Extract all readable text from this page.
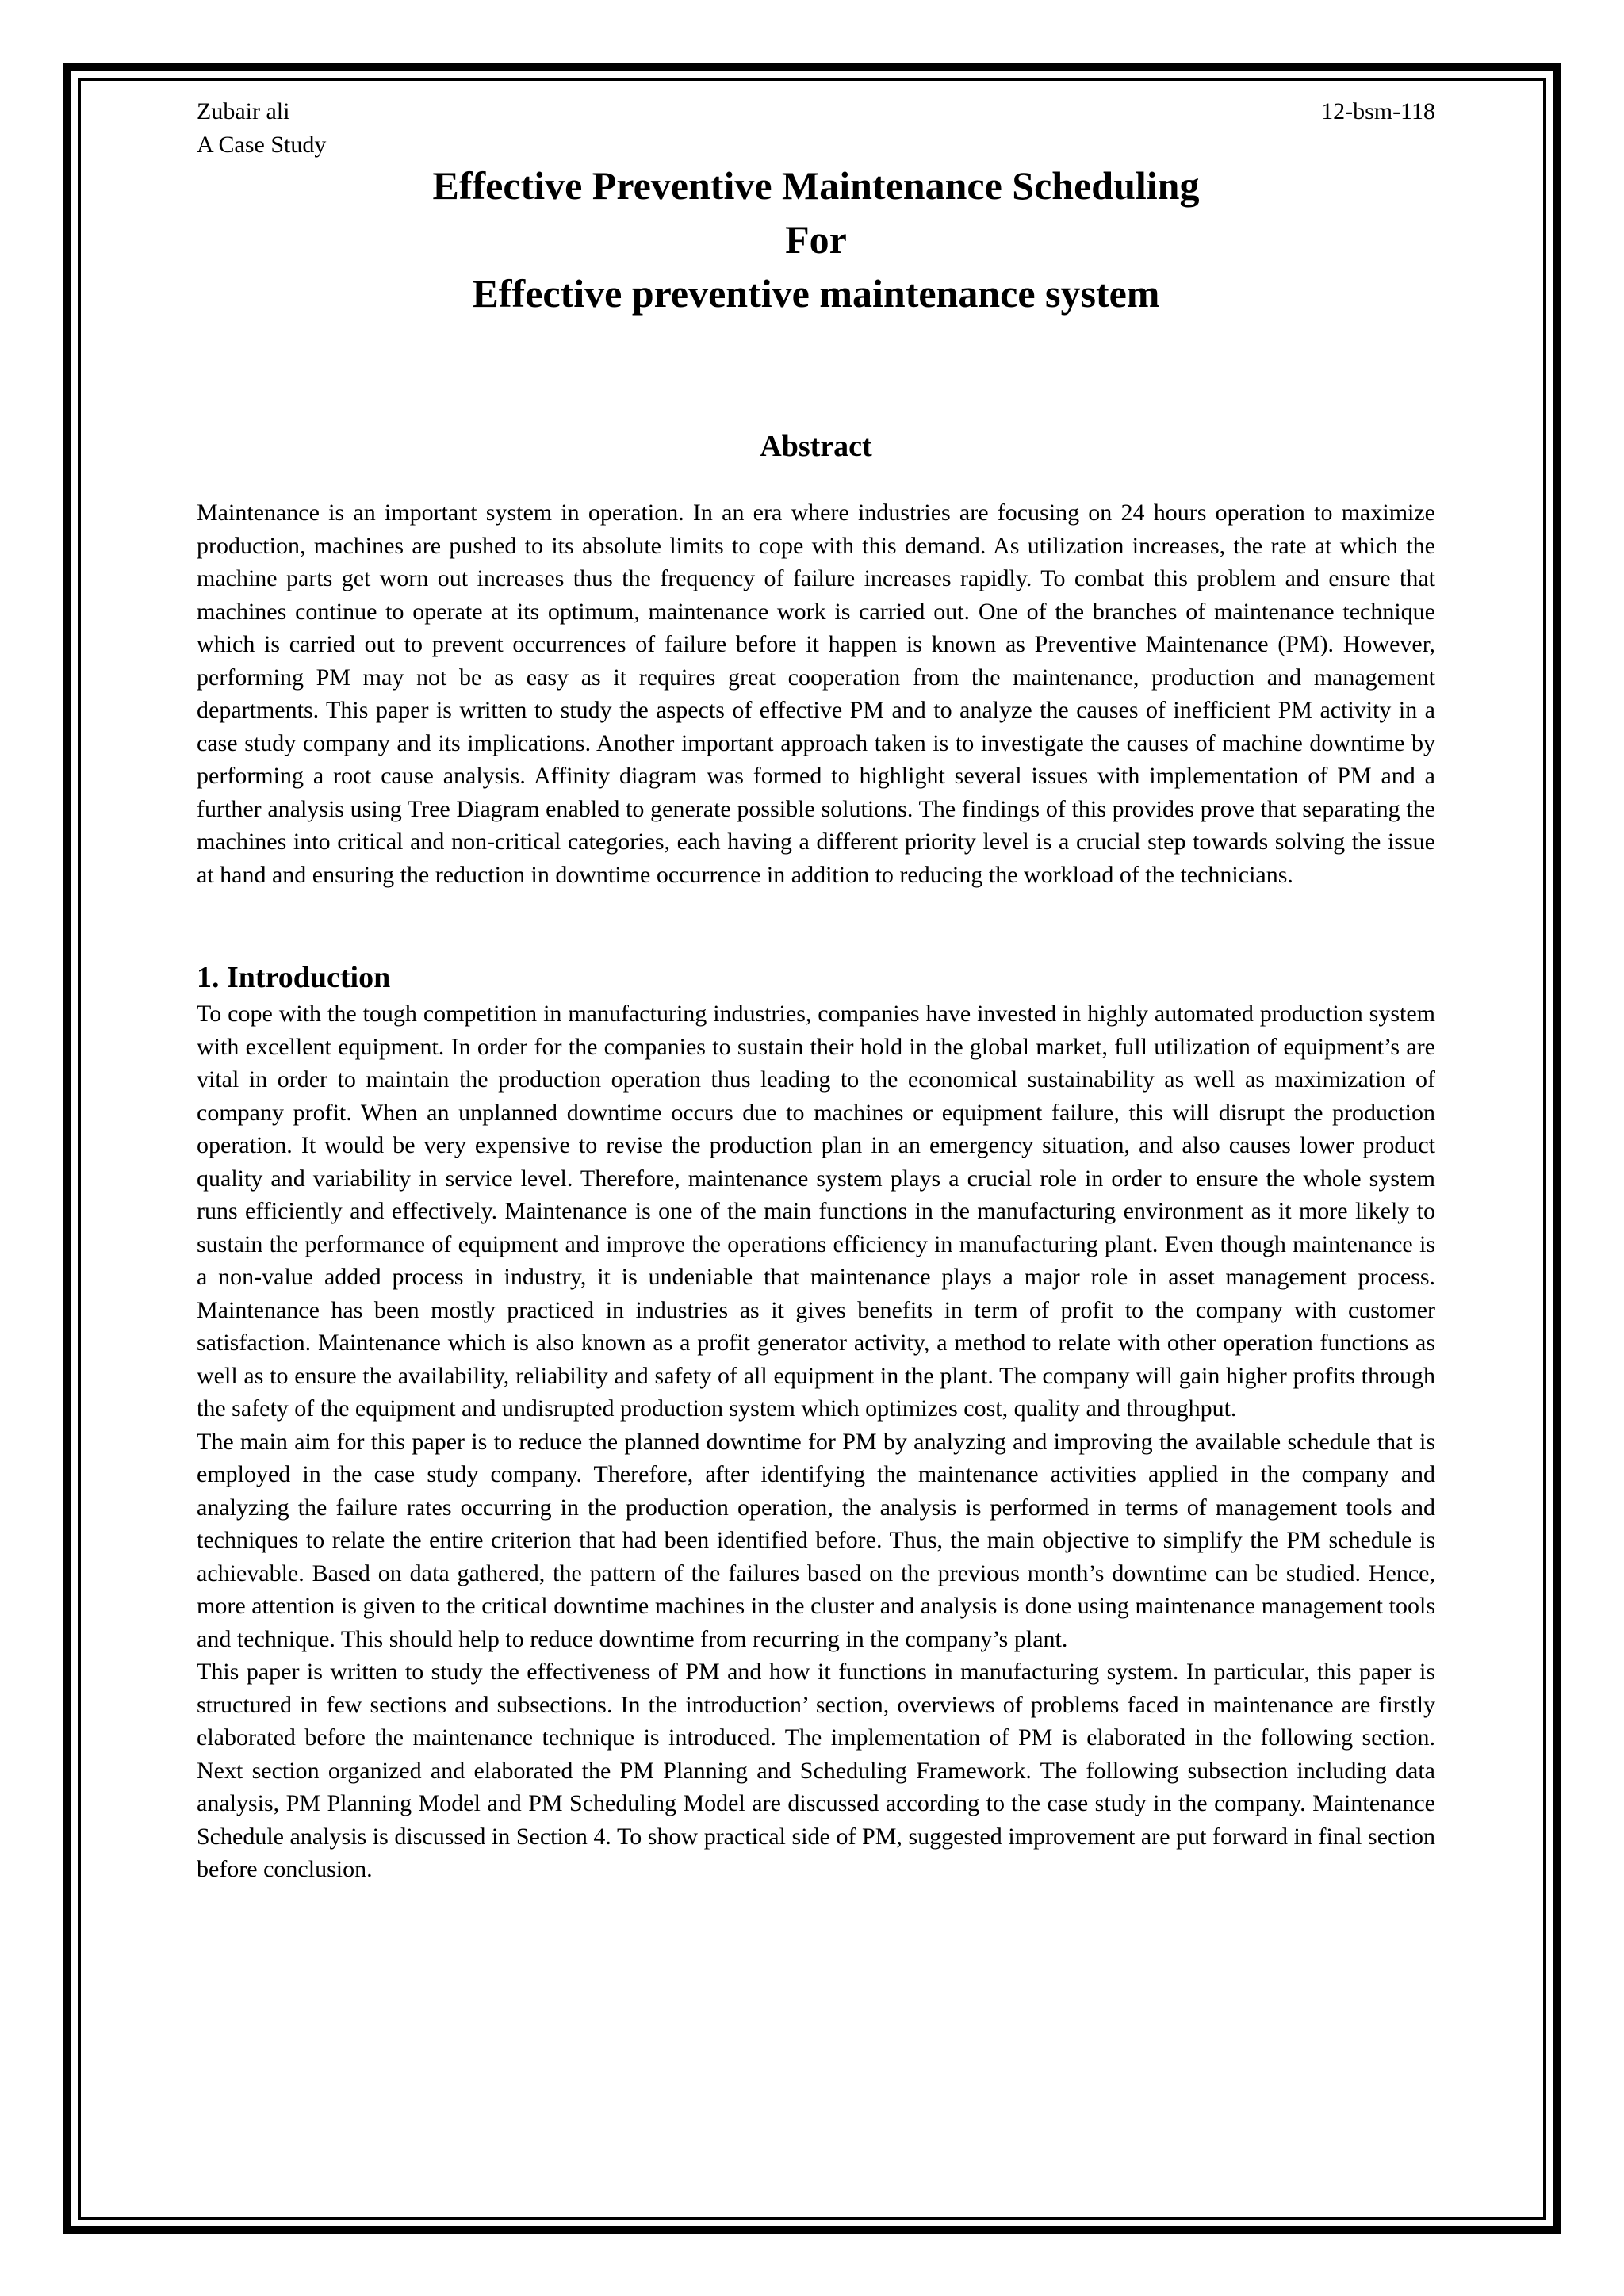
Zubair ali
A Case Study
12-bsm-118

Effective Preventive Maintenance Scheduling

For

Effective preventive maintenance system

Abstract

Maintenance is an important system in operation. In an era where industries are focusing on 24 hours operation to maximize production, machines are pushed to its absolute limits to cope with this demand. As utilization increases, the rate at which the machine parts get worn out increases thus the frequency of failure increases rapidly. To combat this problem and ensure that machines continue to operate at its optimum, maintenance work is carried out. One of the branches of maintenance technique which is carried out to prevent occurrences of failure before it happen is known as Preventive Maintenance (PM). However, performing PM may not be as easy as it requires great cooperation from the maintenance, production and management departments. This paper is written to study the aspects of effective PM and to analyze the causes of inefficient PM activity in a case study company and its implications. Another important approach taken is to investigate the causes of machine downtime by performing a root cause analysis. Affinity diagram was formed to highlight several issues with implementation of PM and a further analysis using Tree Diagram enabled to generate possible solutions. The findings of this provides prove that separating the machines into critical and non-critical categories, each having a different priority level is a crucial step towards solving the issue at hand and ensuring the reduction in downtime occurrence in addition to reducing the workload of the technicians.

1. Introduction

To cope with the tough competition in manufacturing industries, companies have invested in highly automated production system with excellent equipment. In order for the companies to sustain their hold in the global market, full utilization of equipment’s are vital in order to maintain the production operation thus leading to the economical sustainability as well as maximization of company profit. When an unplanned downtime occurs due to machines or equipment failure, this will disrupt the production operation. It would be very expensive to revise the production plan in an emergency situation, and also causes lower product quality and variability in service level. Therefore, maintenance system plays a crucial role in order to ensure the whole system runs efficiently and effectively. Maintenance is one of the main functions in the manufacturing environment as it more likely to sustain the performance of equipment and improve the operations efficiency in manufacturing plant. Even though maintenance is a non-value added process in industry, it is undeniable that maintenance plays a major role in asset management process. Maintenance has been mostly practiced in industries as it gives benefits in term of profit to the company with customer satisfaction. Maintenance which is also known as a profit generator activity, a method to relate with other operation functions as well as to ensure the availability, reliability and safety of all equipment in the plant. The company will gain higher profits through the safety of the equipment and undisrupted production system which optimizes cost, quality and throughput.

The main aim for this paper is to reduce the planned downtime for PM by analyzing and improving the available schedule that is employed in the case study company. Therefore, after identifying the maintenance activities applied in the company and analyzing the failure rates occurring in the production operation, the analysis is performed in terms of management tools and techniques to relate the entire criterion that had been identified before. Thus, the main objective to simplify the PM schedule is achievable. Based on data gathered, the pattern of the failures based on the previous month’s downtime can be studied. Hence, more attention is given to the critical downtime machines in the cluster and analysis is done using maintenance management tools and technique. This should help to reduce downtime from recurring in the company’s plant.

This paper is written to study the effectiveness of PM and how it functions in manufacturing system. In particular, this paper is structured in few sections and subsections. In the introduction’ section, overviews of problems faced in maintenance are firstly elaborated before the maintenance technique is introduced. The implementation of PM is elaborated in the following section. Next section organized and elaborated the PM Planning and Scheduling Framework. The following subsection including data analysis, PM Planning Model and PM Scheduling Model are discussed according to the case study in the company. Maintenance Schedule analysis is discussed in Section 4. To show practical side of PM, suggested improvement are put forward in final section before conclusion.
